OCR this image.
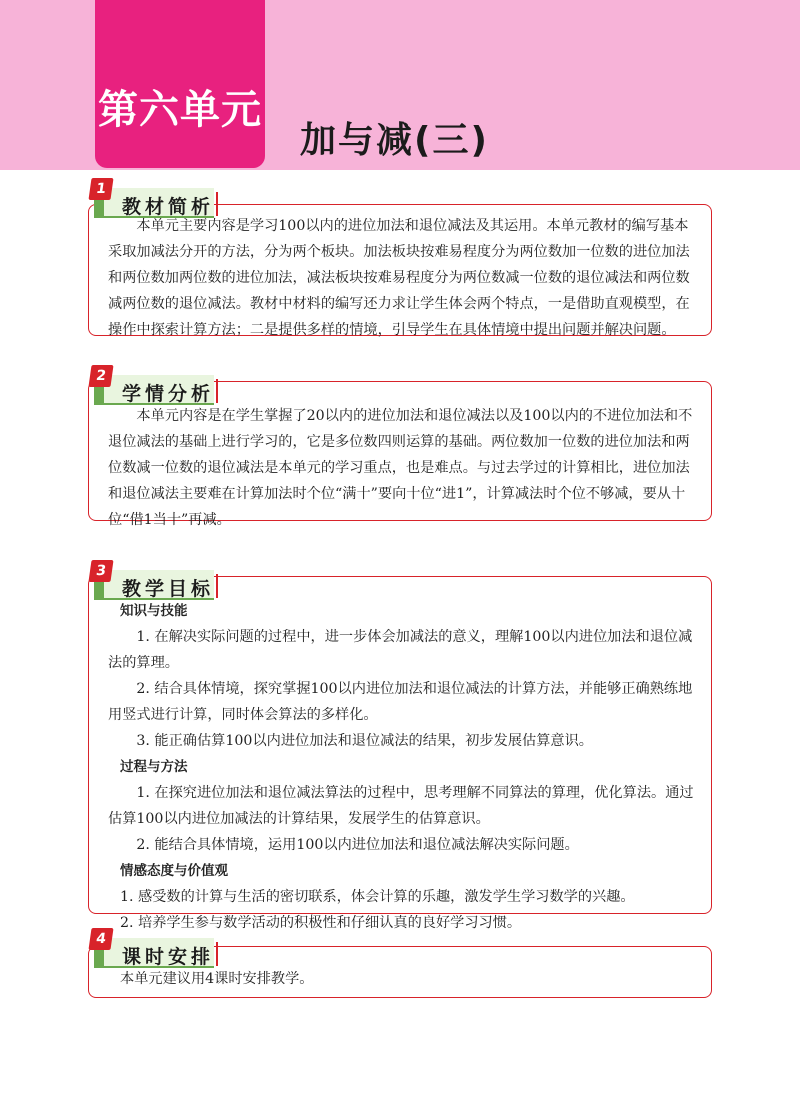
第六单元
加与减(三)
1
教材简析

本单元主要内容是学习100以内的进位加法和退位减法及其运用。本单元教材的编写基本采取加减法分开的方法，分为两个板块。加法板块按难易程度分为两位数加一位数的进位加法和两位数加两位数的进位加法，减法板块按难易程度分为两位数减一位数的退位减法和两位数减两位数的退位减法。教材中材料的编写还力求让学生体会两个特点，一是借助直观模型，在操作中探索计算方法；二是提供多样的情境，引导学生在具体情境中提出问题并解决问题。

2
学情分析

本单元内容是在学生掌握了20以内的进位加法和退位减法以及100以内的不进位加法和不退位减法的基础上进行学习的，它是多位数四则运算的基础。两位数加一位数的进位加法和两位数减一位数的退位减法是本单元的学习重点，也是难点。与过去学过的计算相比，进位加法和退位减法主要难在计算加法时个位“满十”要向十位“进1”，计算减法时个位不够减，要从十位“借1当十”再减。

3
教学目标

知识与技能

1. 在解决实际问题的过程中，进一步体会加减法的意义，理解100以内进位加法和退位减法的算理。

2. 结合具体情境，探究掌握100以内进位加法和退位减法的计算方法，并能够正确熟练地用竖式进行计算，同时体会算法的多样化。

3. 能正确估算100以内进位加法和退位减法的结果，初步发展估算意识。

过程与方法

1. 在探究进位加法和退位减法算法的过程中，思考理解不同算法的算理，优化算法。通过估算100以内进位加减法的计算结果，发展学生的估算意识。

2. 能结合具体情境，运用100以内进位加法和退位减法解决实际问题。

情感态度与价值观

1. 感受数的计算与生活的密切联系，体会计算的乐趣，激发学生学习数学的兴趣。

2. 培养学生参与数学活动的积极性和仔细认真的良好学习习惯。

4
课时安排

本单元建议用4课时安排教学。
